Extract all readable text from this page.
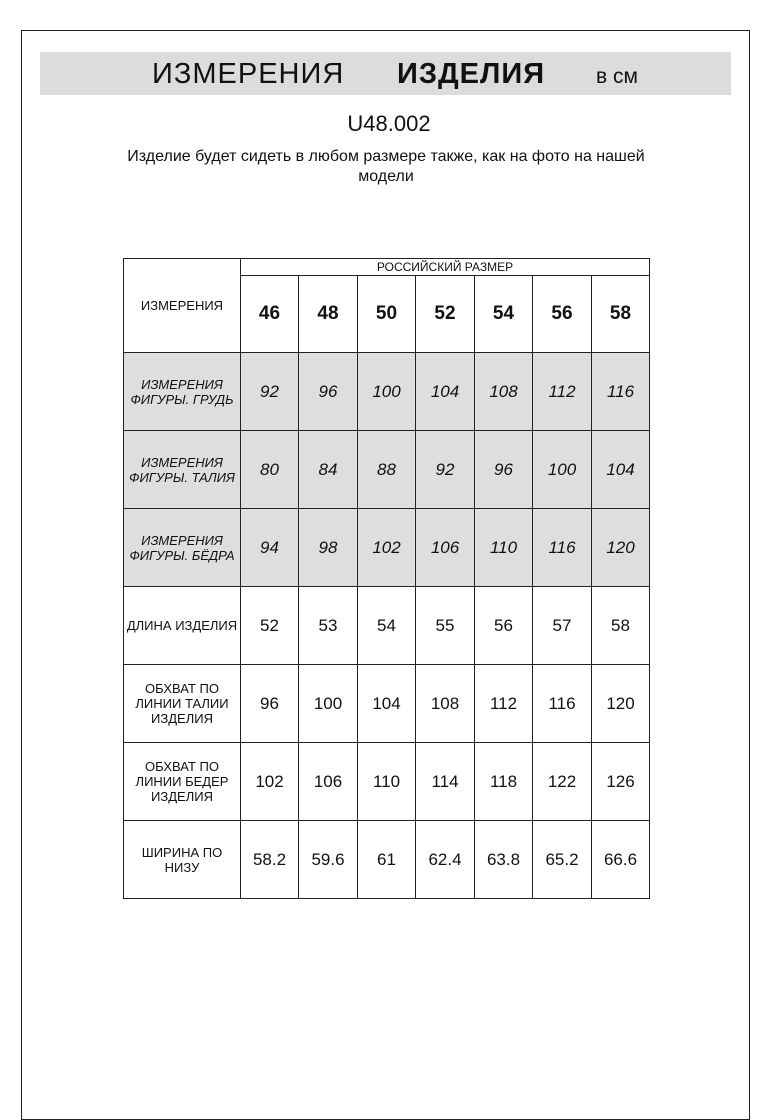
ИЗМЕРЕНИЯ ИЗДЕЛИЯ в см
U48.002
Изделие будет сидеть в любом размере также, как на фото на нашей модели
ИЗМЕРЕНИЯ	РОССИЙСКИЙ РАЗМЕР						
	46	48	50	52	54	56	58
ИЗМЕРЕНИЯ ФИГУРЫ. ГРУДЬ	92	96	100	104	108	112	116
ИЗМЕРЕНИЯ ФИГУРЫ. ТАЛИЯ	80	84	88	92	96	100	104
ИЗМЕРЕНИЯ ФИГУРЫ. БЁДРА	94	98	102	106	110	116	120
ДЛИНА ИЗДЕЛИЯ	52	53	54	55	56	57	58
ОБХВАТ ПО ЛИНИИ ТАЛИИ ИЗДЕЛИЯ	96	100	104	108	112	116	120
ОБХВАТ ПО ЛИНИИ БЕДЕР ИЗДЕЛИЯ	102	106	110	114	118	122	126
ШИРИНА ПО НИЗУ	58.2	59.6	61	62.4	63.8	65.2	66.6
